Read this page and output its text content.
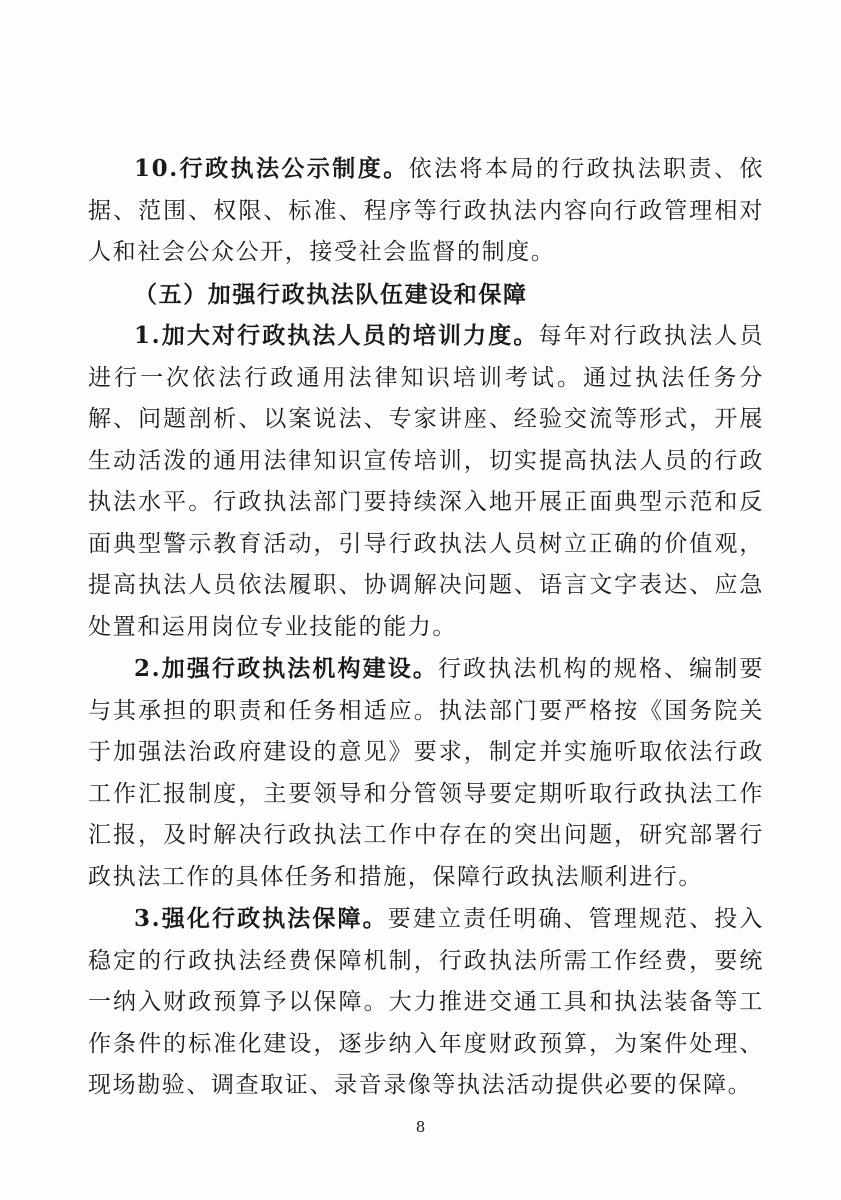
10.行政执法公示制度。依法将本局的行政执法职责、依据、范围、权限、标准、程序等行政执法内容向行政管理相对人和社会公众公开，接受社会监督的制度。

（五）加强行政执法队伍建设和保障

1.加大对行政执法人员的培训力度。每年对行政执法人员进行一次依法行政通用法律知识培训考试。通过执法任务分解、问题剖析、以案说法、专家讲座、经验交流等形式，开展生动活泼的通用法律知识宣传培训，切实提高执法人员的行政执法水平。行政执法部门要持续深入地开展正面典型示范和反面典型警示教育活动，引导行政执法人员树立正确的价值观，提高执法人员依法履职、协调解决问题、语言文字表达、应急处置和运用岗位专业技能的能力。

2.加强行政执法机构建设。行政执法机构的规格、编制要与其承担的职责和任务相适应。执法部门要严格按《国务院关于加强法治政府建设的意见》要求，制定并实施听取依法行政工作汇报制度，主要领导和分管领导要定期听取行政执法工作汇报，及时解决行政执法工作中存在的突出问题，研究部署行政执法工作的具体任务和措施，保障行政执法顺利进行。

3.强化行政执法保障。要建立责任明确、管理规范、投入稳定的行政执法经费保障机制，行政执法所需工作经费，要统一纳入财政预算予以保障。大力推进交通工具和执法装备等工作条件的标准化建设，逐步纳入年度财政预算，为案件处理、现场勘验、调查取证、录音录像等执法活动提供必要的保障。

8
